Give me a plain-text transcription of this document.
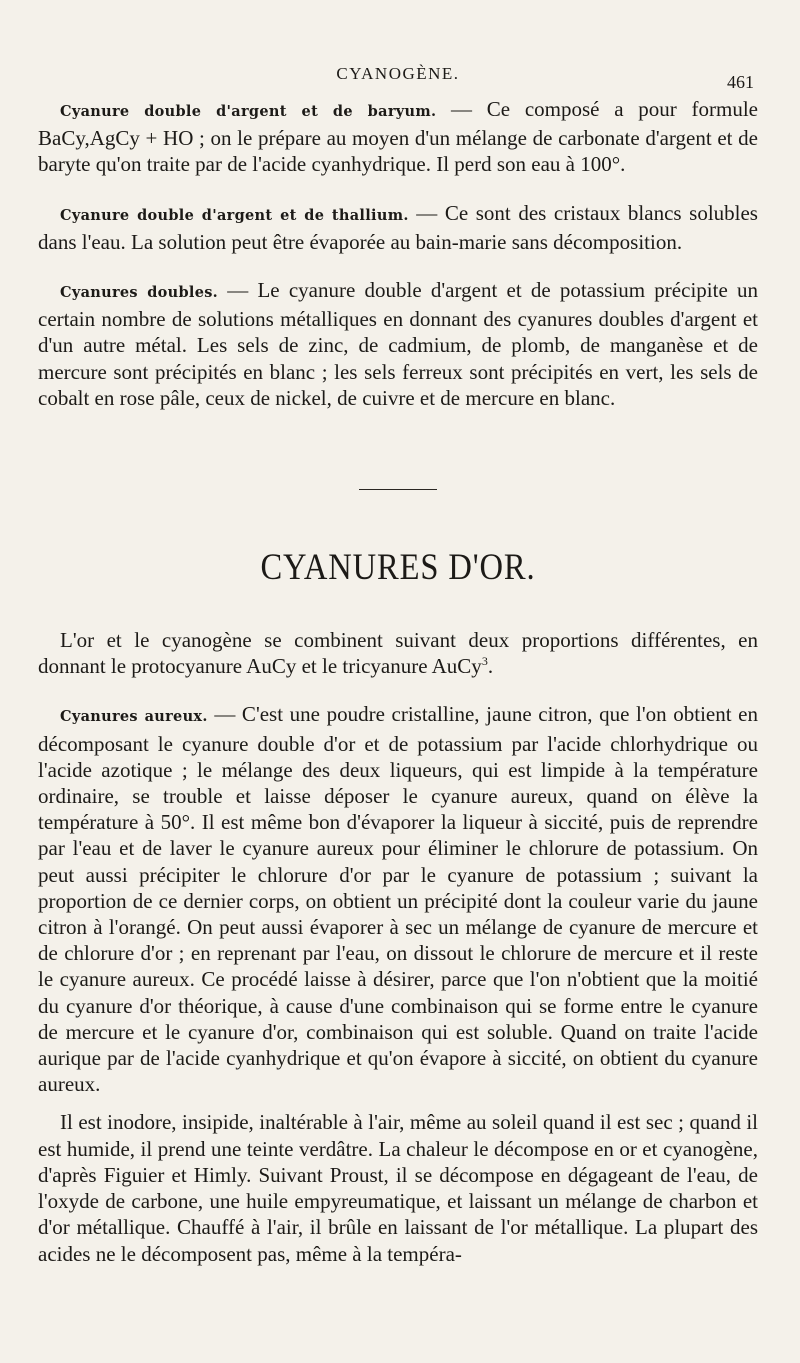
CYANOGÈNE.	461

Cyanure double d'argent et de baryum. — Ce composé a pour formule BaCy,AgCy + HO ; on le prépare au moyen d'un mélange de carbonate d'argent et de baryte qu'on traite par de l'acide cyanhydrique. Il perd son eau à 100°.

Cyanure double d'argent et de thallium. — Ce sont des cristaux blancs solubles dans l'eau. La solution peut être évaporée au bain-marie sans décomposition.

Cyanures doubles. — Le cyanure double d'argent et de potassium précipite un certain nombre de solutions métalliques en donnant des cyanures doubles d'argent et d'un autre métal. Les sels de zinc, de cadmium, de plomb, de manganèse et de mercure sont précipités en blanc ; les sels ferreux sont précipités en vert, les sels de cobalt en rose pâle, ceux de nickel, de cuivre et de mercure en blanc.

CYANURES D'OR.

L'or et le cyanogène se combinent suivant deux proportions différentes, en donnant le protocyanure AuCy et le tricyanure AuCy$^3$.

Cyanures aureux. — C'est une poudre cristalline, jaune citron, que l'on obtient en décomposant le cyanure double d'or et de potassium par l'acide chlorhydrique ou l'acide azotique ; le mélange des deux liqueurs, qui est limpide à la température ordinaire, se trouble et laisse déposer le cyanure aureux, quand on élève la température à 50°. Il est même bon d'évaporer la liqueur à siccité, puis de reprendre par l'eau et de laver le cyanure aureux pour éliminer le chlorure de potassium. On peut aussi précipiter le chlorure d'or par le cyanure de potassium ; suivant la proportion de ce dernier corps, on obtient un précipité dont la couleur varie du jaune citron à l'orangé. On peut aussi évaporer à sec un mélange de cyanure de mercure et de chlorure d'or ; en reprenant par l'eau, on dissout le chlorure de mercure et il reste le cyanure aureux. Ce procédé laisse à désirer, parce que l'on n'obtient que la moitié du cyanure d'or théorique, à cause d'une combinaison qui se forme entre le cyanure de mercure et le cyanure d'or, combinaison qui est soluble. Quand on traite l'acide aurique par de l'acide cyanhydrique et qu'on évapore à siccité, on obtient du cyanure aureux.

Il est inodore, insipide, inaltérable à l'air, même au soleil quand il est sec ; quand il est humide, il prend une teinte verdâtre. La chaleur le décompose en or et cyanogène, d'après Figuier et Himly. Suivant Proust, il se décompose en dégageant de l'eau, de l'oxyde de carbone, une huile empyreumatique, et laissant un mélange de charbon et d'or métallique. Chauffé à l'air, il brûle en laissant de l'or métallique. La plupart des acides ne le décomposent pas, même à la tempéra-
